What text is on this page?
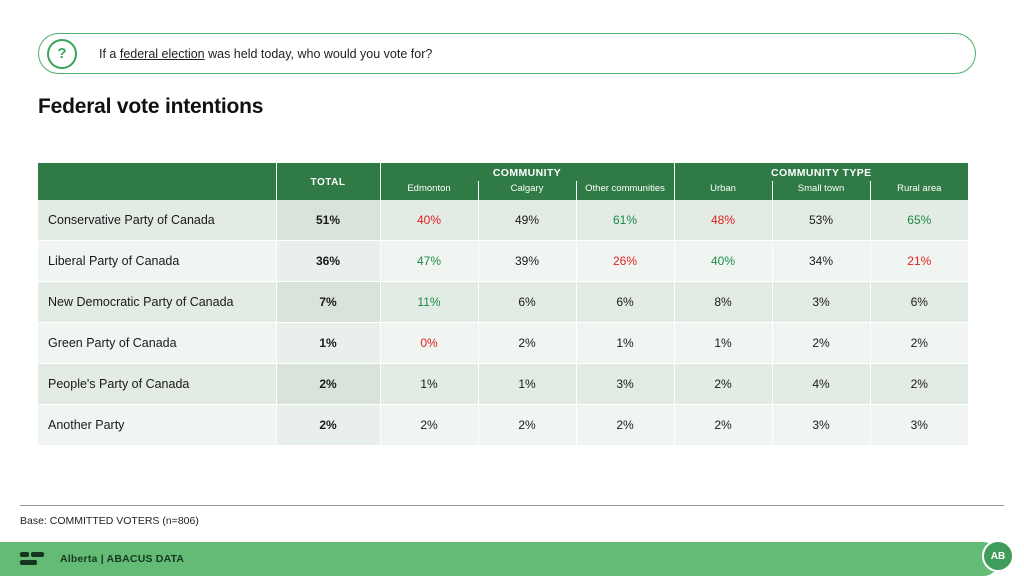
?	If a federal election was held today, who would you vote for?
Federal vote intentions
	TOTAL	COMMUNITY			COMMUNITY TYPE		
		Edmonton	Calgary	Other communities	Urban	Small town	Rural area
Conservative Party of Canada	51%	40%	49%	61%	48%	53%	65%
Liberal Party of Canada	36%	47%	39%	26%	40%	34%	21%
New Democratic Party of Canada	7%	11%	6%	6%	8%	3%	6%
Green Party of Canada	1%	0%	2%	1%	1%	2%	2%
People's Party of Canada	2%	1%	1%	3%	2%	4%	2%
Another Party	2%	2%	2%	2%	2%	3%	3%
Base: COMMITTED VOTERS (n=806)
Alberta | ABACUS DATA	AB
